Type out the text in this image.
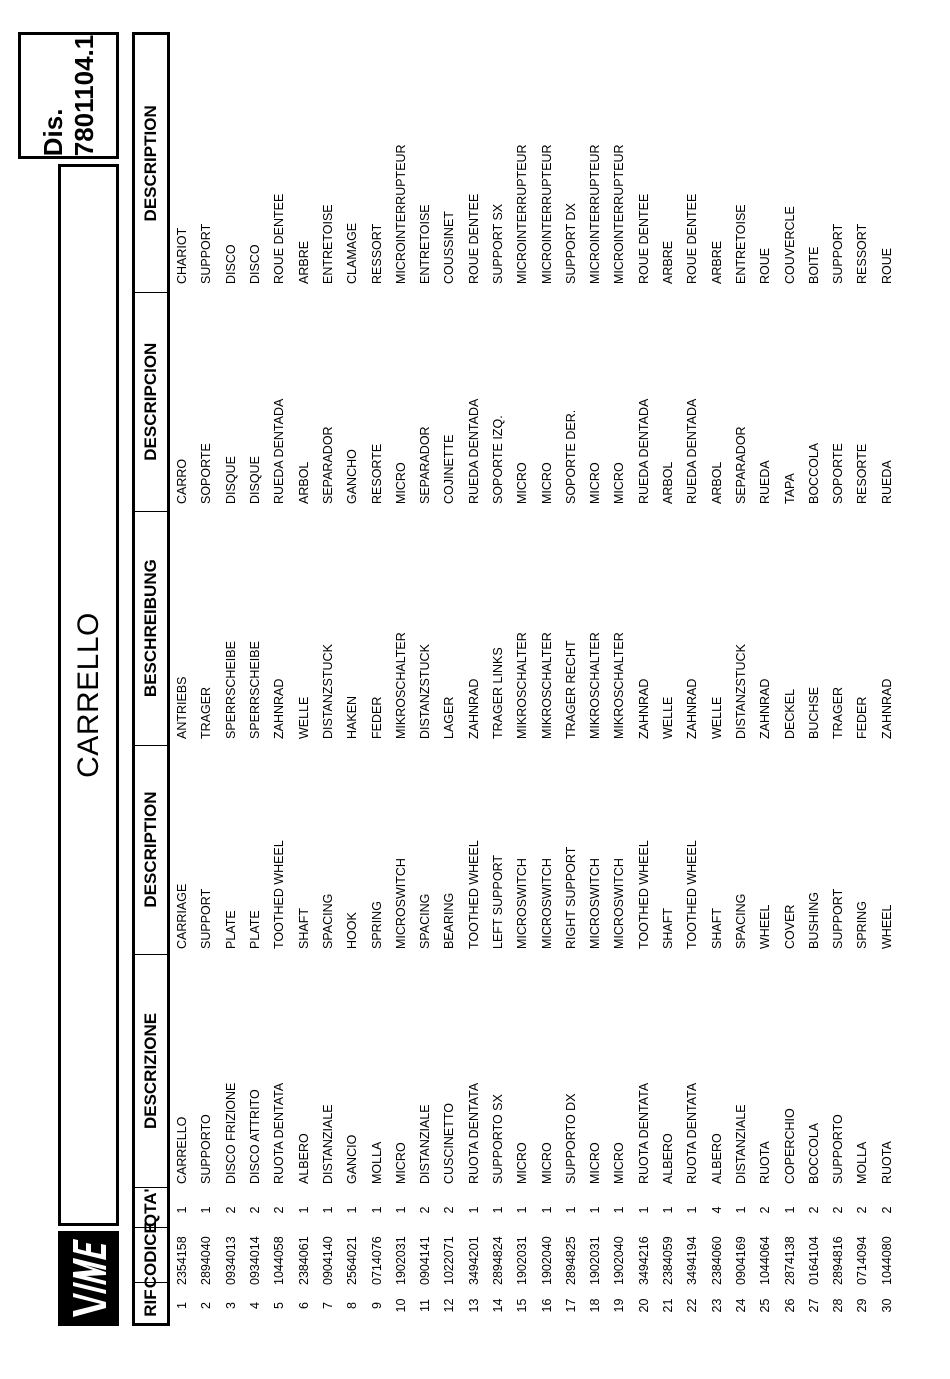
CARRELLO
Dis. 7801104.1
RIF
CODICE
QTA'
DESCRIZIONE
DESCRIPTION
BESCHREIBUNG
DESCRIPCION
DESCRIPTION
1
2354158
1
CARRELLO
CARRIAGE
ANTRIEBS
CARRO
CHARIOT
2
2894040
1
SUPPORTO
SUPPORT
TRAGER
SOPORTE
SUPPORT
3
0934013
2
DISCO FRIZIONE
PLATE
SPERRSCHEIBE
DISQUE
DISCO
4
0934014
2
DISCO ATTRITO
PLATE
SPERRSCHEIBE
DISQUE
DISCO
5
1044058
2
RUOTA DENTATA
TOOTHED WHEEL
ZAHNRAD
RUEDA DENTADA
ROUE DENTEE
6
2384061
1
ALBERO
SHAFT
WELLE
ARBOL
ARBRE
7
0904140
1
DISTANZIALE
SPACING
DISTANZSTUCK
SEPARADOR
ENTRETOISE
8
2564021
1
GANCIO
HOOK
HAKEN
GANCHO
CLAMAGE
9
0714076
1
MOLLA
SPRING
FEDER
RESORTE
RESSORT
10
1902031
1
MICRO
MICROSWITCH
MIKROSCHALTER
MICRO
MICROINTERRUPTEUR
11
0904141
2
DISTANZIALE
SPACING
DISTANZSTUCK
SEPARADOR
ENTRETOISE
12
1022071
2
CUSCINETTO
BEARING
LAGER
COJINETTE
COUSSINET
13
3494201
1
RUOTA DENTATA
TOOTHED WHEEL
ZAHNRAD
RUEDA DENTADA
ROUE DENTEE
14
2894824
1
SUPPORTO SX
LEFT SUPPORT
TRAGER LINKS
SOPORTE IZQ.
SUPPORT SX
15
1902031
1
MICRO
MICROSWITCH
MIKROSCHALTER
MICRO
MICROINTERRUPTEUR
16
1902040
1
MICRO
MICROSWITCH
MIKROSCHALTER
MICRO
MICROINTERRUPTEUR
17
2894825
1
SUPPORTO DX
RIGHT SUPPORT
TRAGER RECHT
SOPORTE DER.
SUPPORT DX
18
1902031
1
MICRO
MICROSWITCH
MIKROSCHALTER
MICRO
MICROINTERRUPTEUR
19
1902040
1
MICRO
MICROSWITCH
MIKROSCHALTER
MICRO
MICROINTERRUPTEUR
20
3494216
1
RUOTA DENTATA
TOOTHED WHEEL
ZAHNRAD
RUEDA DENTADA
ROUE DENTEE
21
2384059
1
ALBERO
SHAFT
WELLE
ARBOL
ARBRE
22
3494194
1
RUOTA DENTATA
TOOTHED WHEEL
ZAHNRAD
RUEDA DENTADA
ROUE DENTEE
23
2384060
4
ALBERO
SHAFT
WELLE
ARBOL
ARBRE
24
0904169
1
DISTANZIALE
SPACING
DISTANZSTUCK
SEPARADOR
ENTRETOISE
25
1044064
2
RUOTA
WHEEL
ZAHNRAD
RUEDA
ROUE
26
2874138
1
COPERCHIO
COVER
DECKEL
TAPA
COUVERCLE
27
0164104
2
BOCCOLA
BUSHING
BUCHSE
BOCCOLA
BOITE
28
2894816
2
SUPPORTO
SUPPORT
TRAGER
SOPORTE
SUPPORT
29
0714094
2
MOLLA
SPRING
FEDER
RESORTE
RESSORT
30
1044080
2
RUOTA
WHEEL
ZAHNRAD
RUEDA
ROUE
